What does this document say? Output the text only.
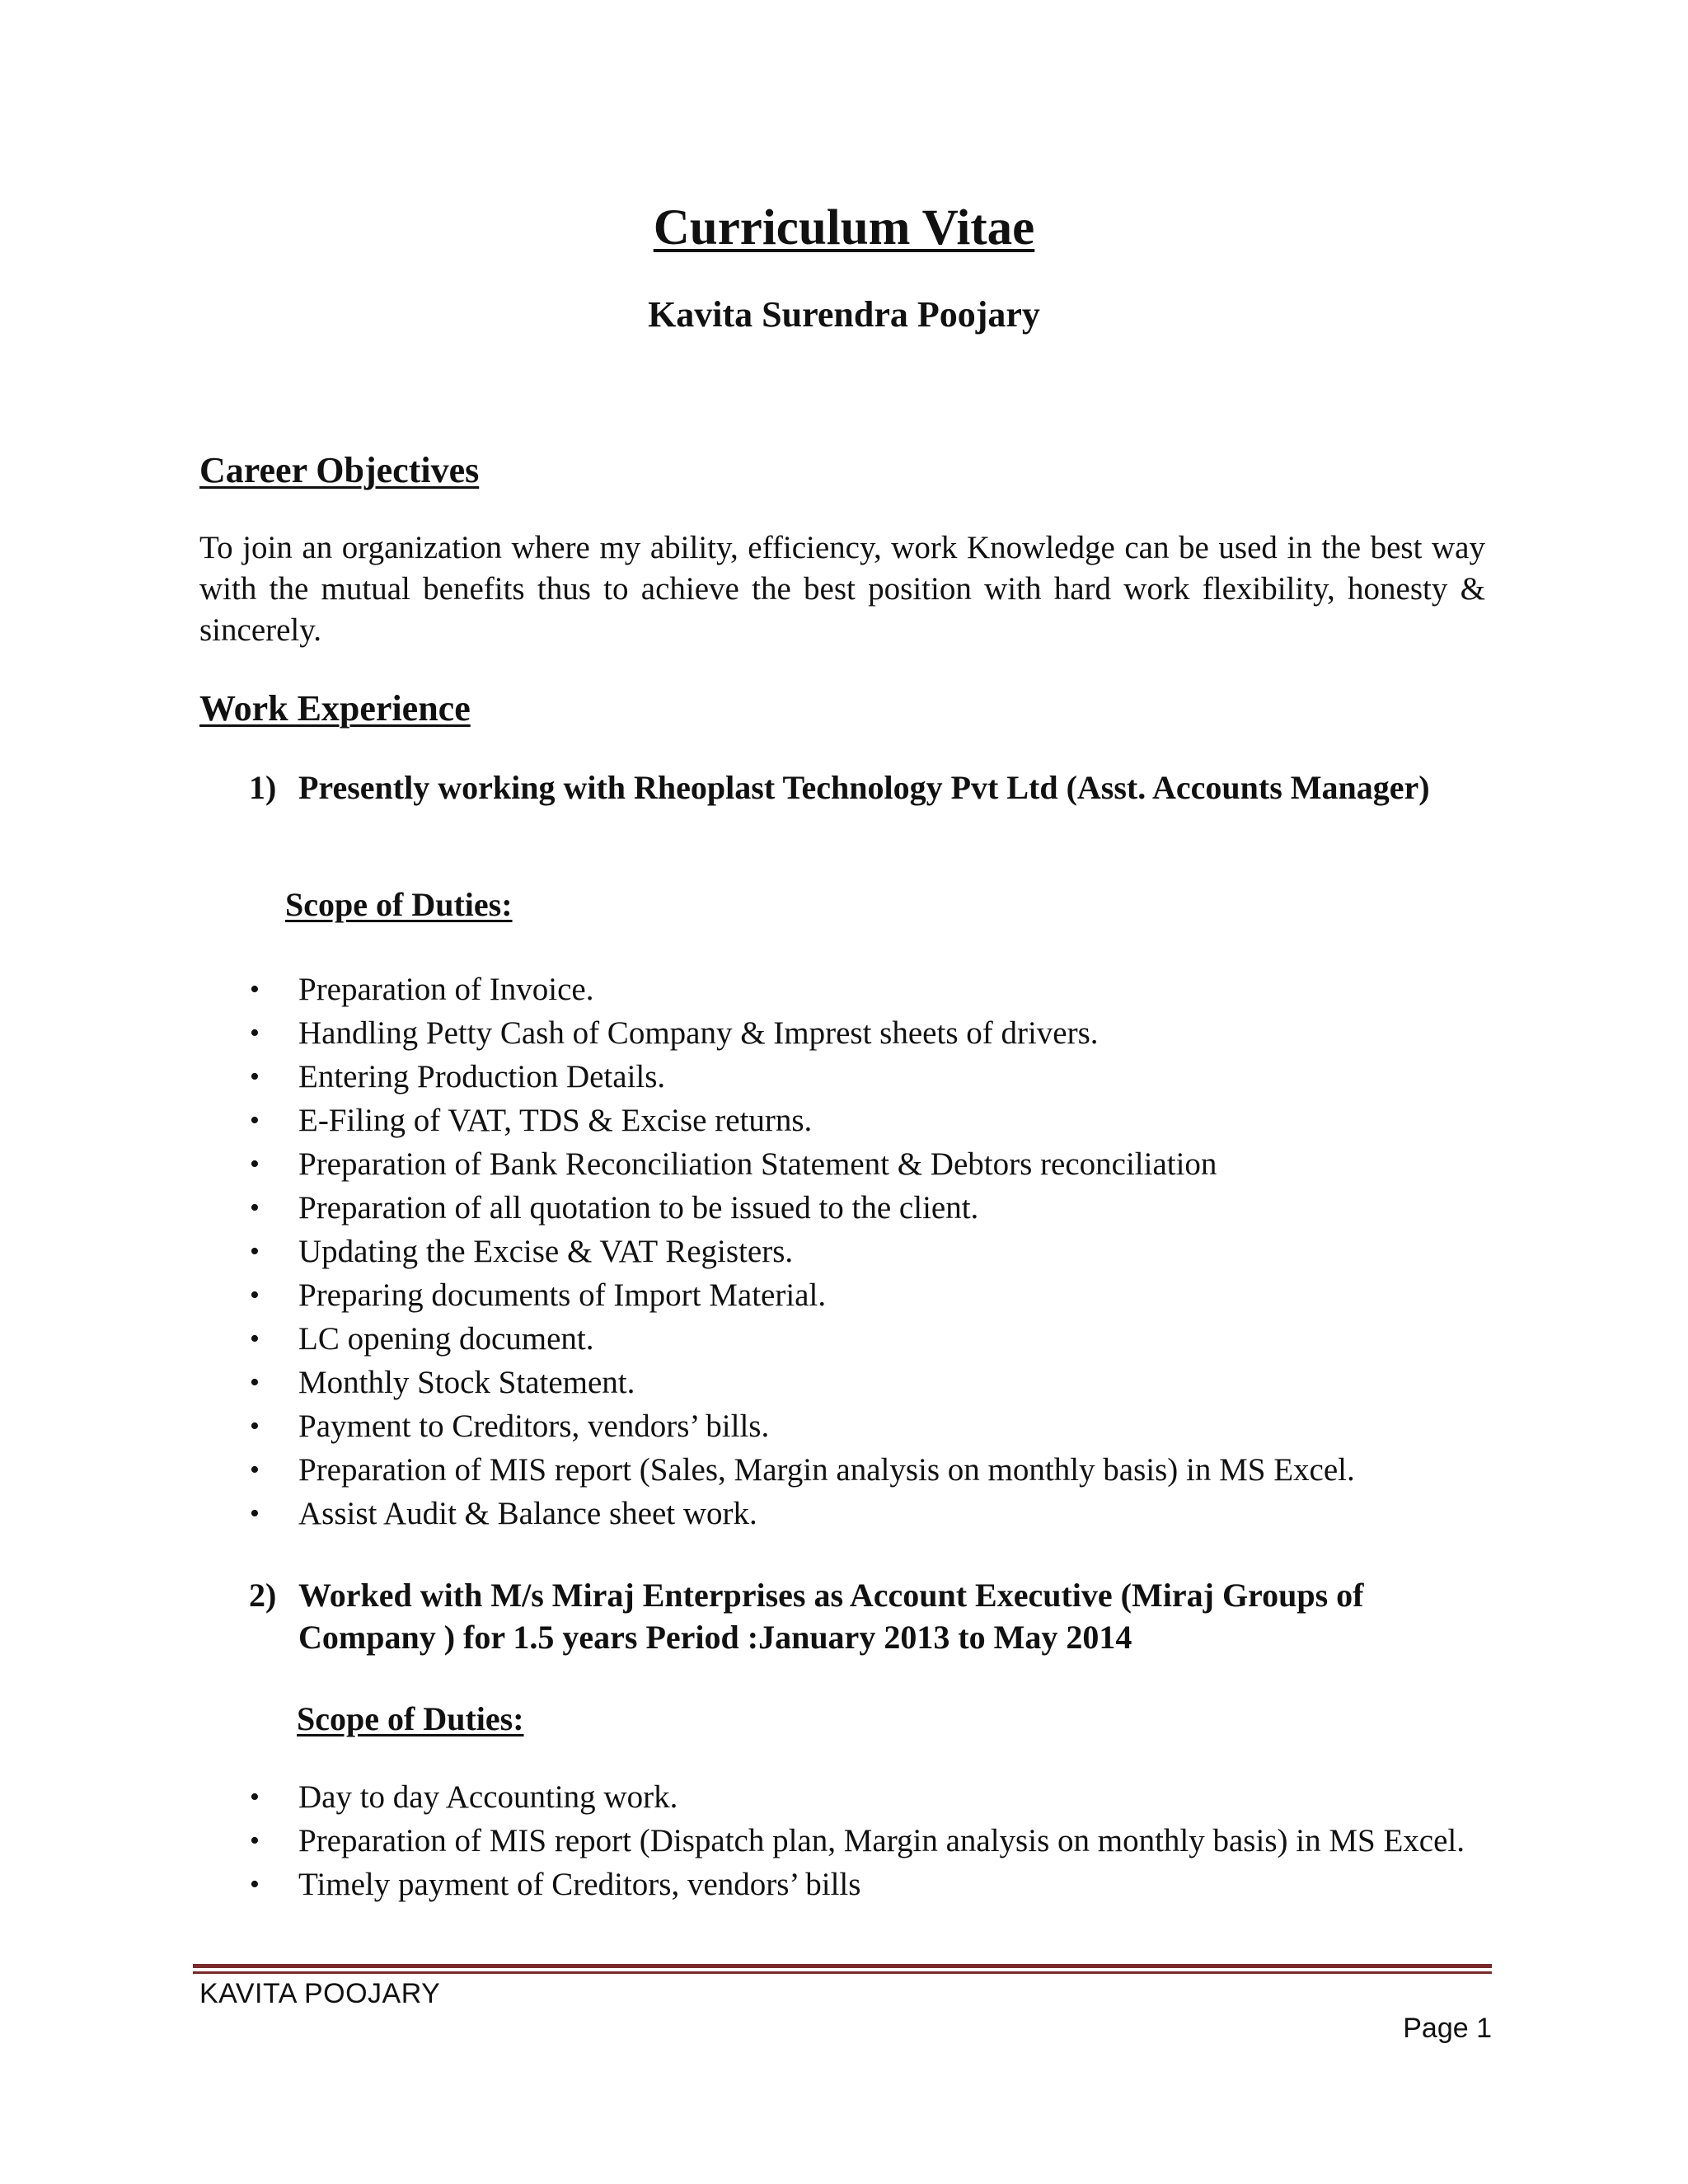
Curriculum Vitae
Kavita Surendra Poojary
Career Objectives

To join an organization where my ability, efficiency, work Knowledge can be used in the best way with the mutual benefits thus to achieve the best position with hard work flexibility, honesty & sincerely.

Work Experience
1) Presently working with Rheoplast Technology Pvt Ltd (Asst. Accounts Manager)
Scope of Duties:
• Preparation of Invoice.
• Handling Petty Cash of Company & Imprest sheets of drivers.
• Entering Production Details.
• E-Filing of VAT, TDS & Excise returns.
• Preparation of Bank Reconciliation Statement & Debtors reconciliation
• Preparation of all quotation to be issued to the client.
• Updating the Excise & VAT Registers.
• Preparing documents of Import Material.
• LC opening document.
• Monthly Stock Statement.
• Payment to Creditors, vendors’ bills.
• Preparation of MIS report (Sales, Margin analysis on monthly basis) in MS Excel.
• Assist Audit & Balance sheet work.
2) Worked with M/s Miraj Enterprises as Account Executive (Miraj Groups of Company ) for 1.5 years Period :January 2013 to May 2014
Scope of Duties:
• Day to day Accounting work.
• Preparation of MIS report (Dispatch plan, Margin analysis on monthly basis) in MS Excel.
• Timely payment of Creditors, vendors’ bills
KAVITA POOJARY
Page 1
